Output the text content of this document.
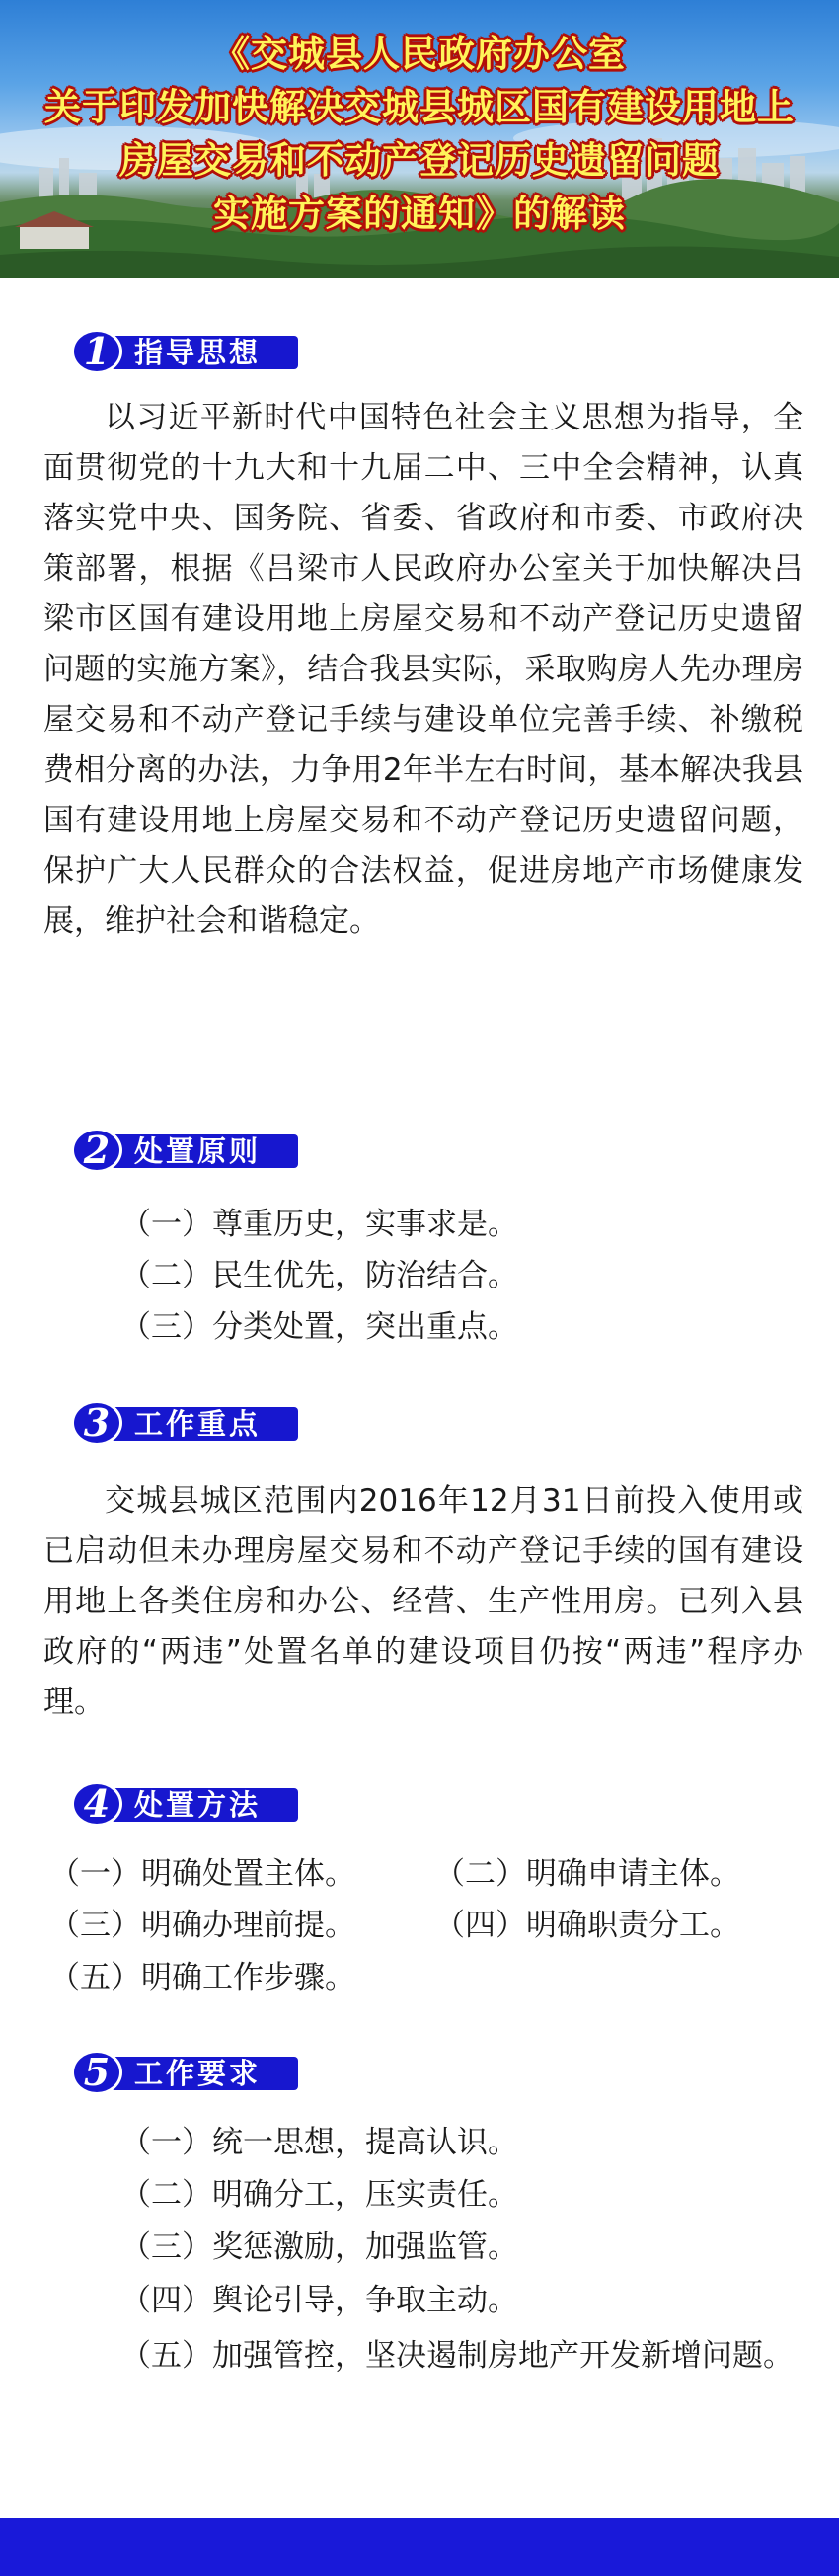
《交城县人民政府办公室
关于印发加快解决交城县城区国有建设用地上
房屋交易和不动产登记历史遗留问题
实施方案的通知》的解读
1 指导思想
以习近平新时代中国特色社会主义思想为指导，全面贯彻党的十九大和十九届二中、三中全会精神，认真落实党中央、国务院、省委、省政府和市委、市政府决策部署，根据《吕梁市人民政府办公室关于加快解决吕梁市区国有建设用地上房屋交易和不动产登记历史遗留问题的实施方案》，结合我县实际，采取购房人先办理房屋交易和不动产登记手续与建设单位完善手续、补缴税费相分离的办法，力争用2年半左右时间，基本解决我县国有建设用地上房屋交易和不动产登记历史遗留问题，保护广大人民群众的合法权益，促进房地产市场健康发展，维护社会和谐稳定。
2 处置原则
（一）尊重历史，实事求是。
（二）民生优先，防治结合。
（三）分类处置，突出重点。
3 工作重点
交城县城区范围内2016年12月31日前投入使用或已启动但未办理房屋交易和不动产登记手续的国有建设用地上各类住房和办公、经营、生产性用房。已列入县政府的“两违”处置名单的建设项目仍按“两违”程序办理。
4 处置方法
（一）明确处置主体。	（二）明确申请主体。
（三）明确办理前提。	（四）明确职责分工。
（五）明确工作步骤。
5 工作要求
（一）统一思想，提高认识。
（二）明确分工，压实责任。
（三）奖惩激励，加强监管。
（四）舆论引导，争取主动。
（五）加强管控，坚决遏制房地产开发新增问题。
